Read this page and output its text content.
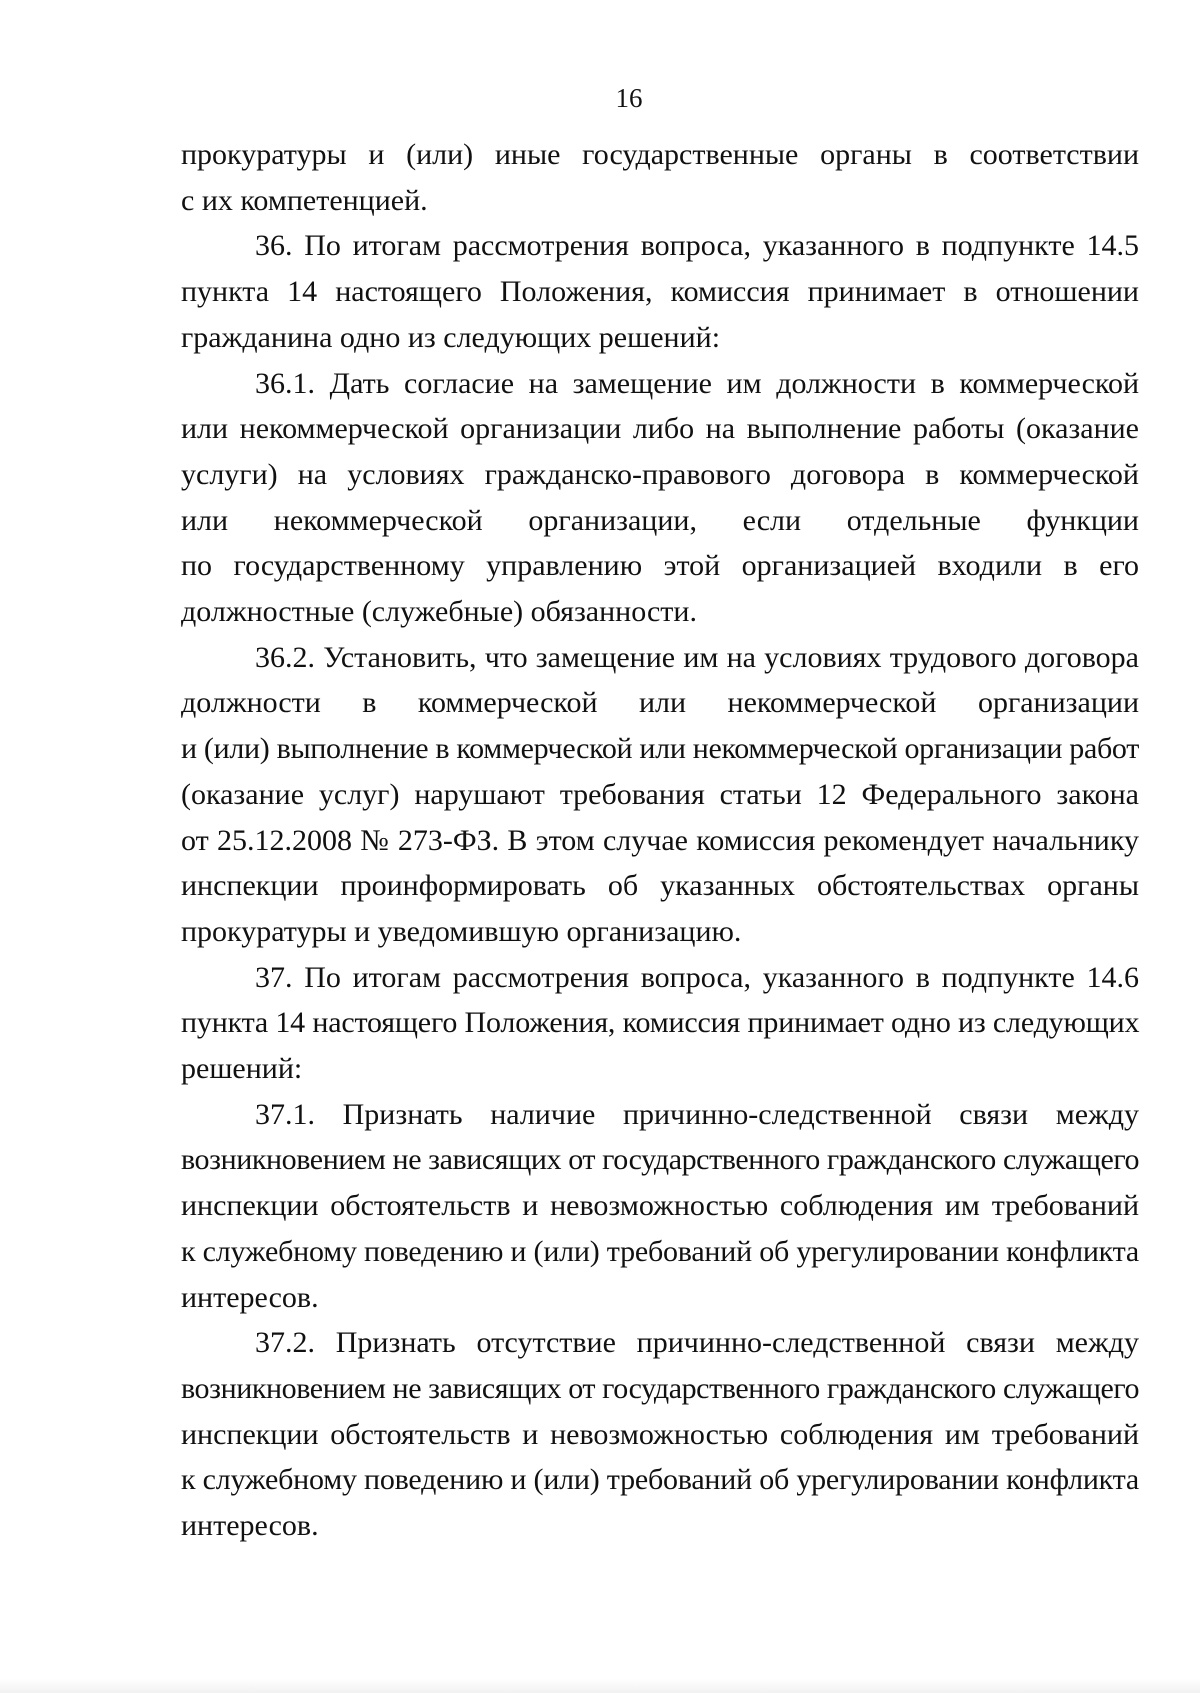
16
прокуратуры и (или) иные государственные органы в соответствии
с их компетенцией.
36. По итогам рассмотрения вопроса, указанного в подпункте 14.5
пункта 14 настоящего Положения, комиссия принимает в отношении
гражданина одно из следующих решений:
36.1. Дать согласие на замещение им должности в коммерческой
или некоммерческой организации либо на выполнение работы (оказание
услуги) на условиях гражданско-правового договора в коммерческой
или некоммерческой организации, если отдельные функции
по государственному управлению этой организацией входили в его
должностные (служебные) обязанности.
36.2. Установить, что замещение им на условиях трудового договора
должности в коммерческой или некоммерческой организации
и (или) выполнение в коммерческой или некоммерческой организации работ
(оказание услуг) нарушают требования статьи 12 Федерального закона
от 25.12.2008 № 273-ФЗ. В этом случае комиссия рекомендует начальнику
инспекции проинформировать об указанных обстоятельствах органы
прокуратуры и уведомившую организацию.
37. По итогам рассмотрения вопроса, указанного в подпункте 14.6
пункта 14 настоящего Положения, комиссия принимает одно из следующих
решений:
37.1. Признать наличие причинно-следственной связи между
возникновением не зависящих от государственного гражданского служащего
инспекции обстоятельств и невозможностью соблюдения им требований
к служебному поведению и (или) требований об урегулировании конфликта
интересов.
37.2. Признать отсутствие причинно-следственной связи между
возникновением не зависящих от государственного гражданского служащего
инспекции обстоятельств и невозможностью соблюдения им требований
к служебному поведению и (или) требований об урегулировании конфликта
интересов.
